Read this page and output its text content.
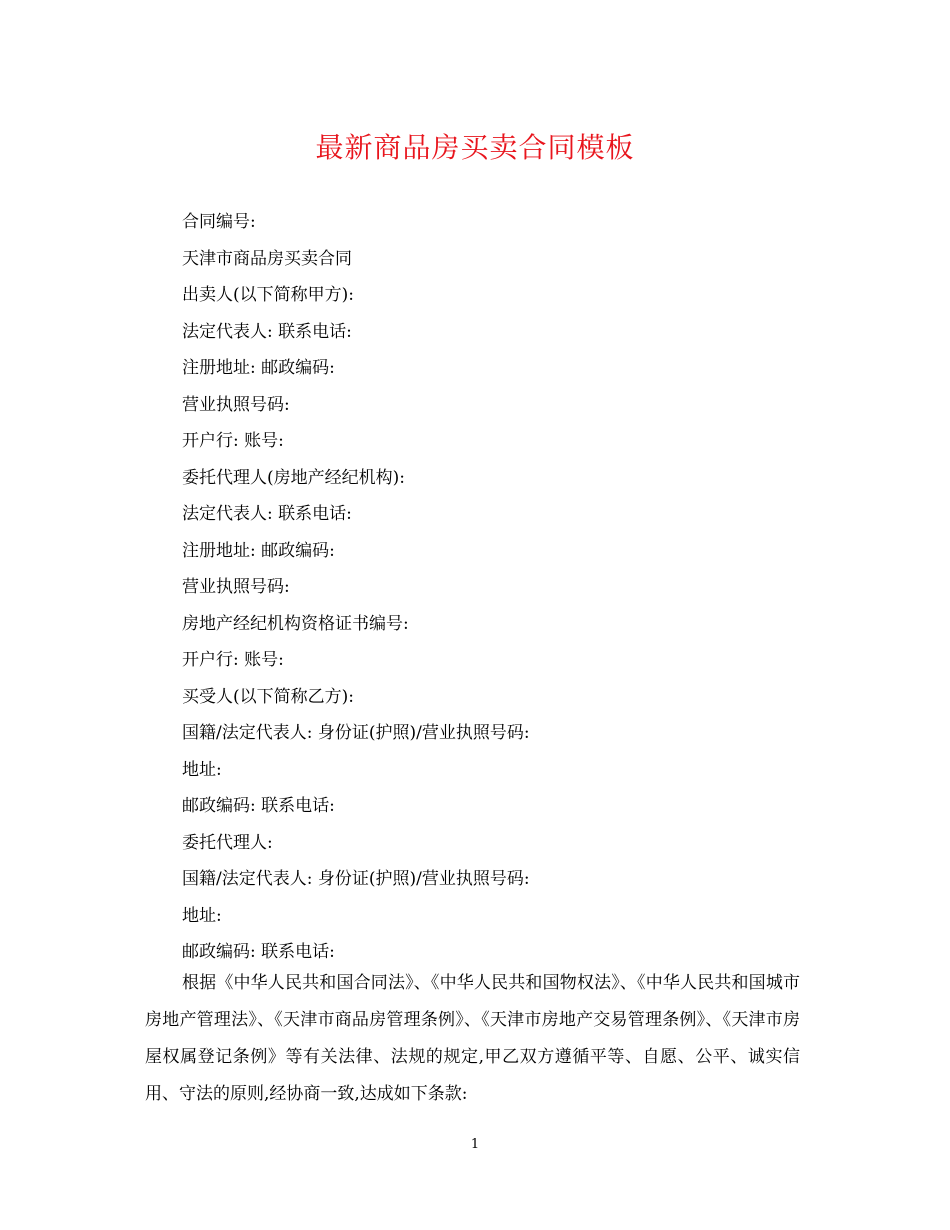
最新商品房买卖合同模板
合同编号:
天津市商品房买卖合同
出卖人(以下简称甲方):
法定代表人: 联系电话:
注册地址: 邮政编码:
营业执照号码:
开户行: 账号:
委托代理人(房地产经纪机构):
法定代表人: 联系电话:
注册地址: 邮政编码:
营业执照号码:
房地产经纪机构资格证书编号:
开户行: 账号:
买受人(以下简称乙方):
国籍/法定代表人: 身份证(护照)/营业执照号码:
地址:
邮政编码: 联系电话:
委托代理人:
国籍/法定代表人: 身份证(护照)/营业执照号码:
地址:
邮政编码: 联系电话:

根据《中华人民共和国合同法》、《中华人民共和国物权法》、《中华人民共和国城市房地产管理法》、《天津市商品房管理条例》、《天津市房地产交易管理条例》、《天津市房屋权属登记条例》等有关法律、法规的规定,甲乙双方遵循平等、自愿、公平、诚实信用、守法的原则,经协商一致,达成如下条款:

1
